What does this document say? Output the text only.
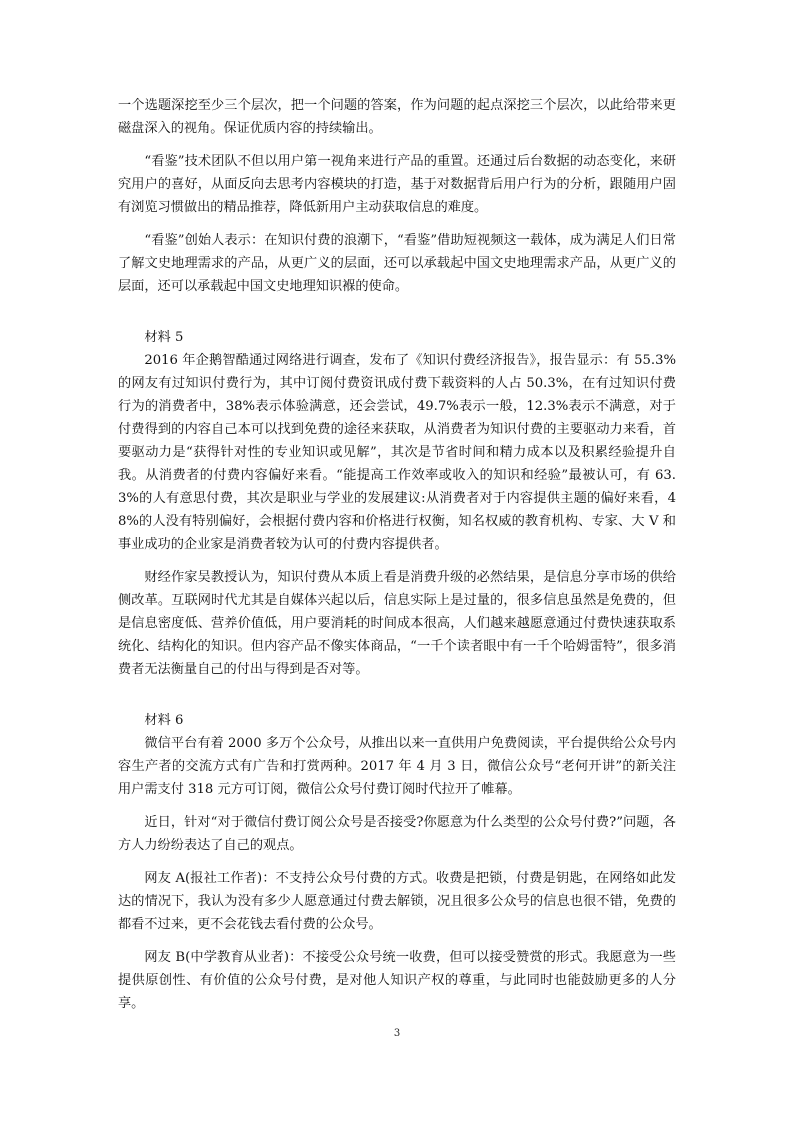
一个选题深挖至少三个层次，把一个问题的答案，作为问题的起点深挖三个层次，以此给带来更磁盘深入的视角。保证优质内容的持续输出。

“看鉴”技术团队不但以用户第一视角来进行产品的重置。还通过后台数据的动态变化，来研究用户的喜好，从面反向去思考内容模块的打造，基于对数据背后用户行为的分析，跟随用户固有浏览习惯做出的精品推荐，降低新用户主动获取信息的难度。

“看鉴”创始人表示：在知识付费的浪潮下，“看鉴”借助短视频这一载体，成为满足人们日常了解文史地理需求的产品，从更广义的层面，还可以承载起中国文史地理需求产品，从更广义的层面，还可以承载起中国文史地理知识褓的使命。

材料 5

2016 年企鹅智酷通过网络进行调查，发布了《知识付费经济报告》，报告显示：有 55.3%的网友有过知识付费行为，其中订阅付费资讯成付费下载资料的人占 50.3%，在有过知识付费行为的消费者中，38%表示体验满意，还会尝试，49.7%表示一般，12.3%表示不满意，对于付费得到的内容自己本可以找到免费的途径来获取，从消费者为知识付费的主要驱动力来看，首要驱动力是“获得针对性的专业知识或见解”，其次是节省时间和精力成本以及积累经验提升自我。从消费者的付费内容偏好来看。“能提高工作效率或收入的知识和经验”最被认可，有 63.3%的人有意思付费，其次是职业与学业的发展建议:从消费者对于内容提供主题的偏好来看，48%的人没有特别偏好，会根据付费内容和价格进行权衡，知名权威的教育机构、专家、大 V 和事业成功的企业家是消费者较为认可的付费内容提供者。

财经作家吴教授认为，知识付费从本质上看是消费升级的必然结果，是信息分享市场的供给侧改革。互联网时代尤其是自媒体兴起以后，信息实际上是过量的，很多信息虽然是免费的，但是信息密度低、营养价值低，用户要消耗的时间成本很高，人们越来越愿意通过付费快速获取系统化、结构化的知识。但内容产品不像实体商品，“一千个读者眼中有一千个哈姆雷特”，很多消费者无法衡量自己的付出与得到是否对等。

材料 6

微信平台有着 2000 多万个公众号，从推出以来一直供用户免费阅读，平台提供给公众号内容生产者的交流方式有广告和打赏两种。2017 年 4 月 3 日，微信公众号“老何开讲”的新关注用户需支付 318 元方可订阅，微信公众号付费订阅时代拉开了帷幕。

近日，针对“对于微信付费订阅公众号是否接受?你愿意为什么类型的公众号付费?”问题，各方人力纷纷表达了自己的观点。

网友 A(报社工作者)：不支持公众号付费的方式。收费是把锁，付费是钥匙，在网络如此发达的情况下，我认为没有多少人愿意通过付费去解锁，况且很多公众号的信息也很不错，免费的都看不过来，更不会花钱去看付费的公众号。

网友 B(中学教育从业者)：不接受公众号统一收费，但可以接受赞赏的形式。我愿意为一些提供原创性、有价值的公众号付费，是对他人知识产权的尊重，与此同时也能鼓励更多的人分享。

3
